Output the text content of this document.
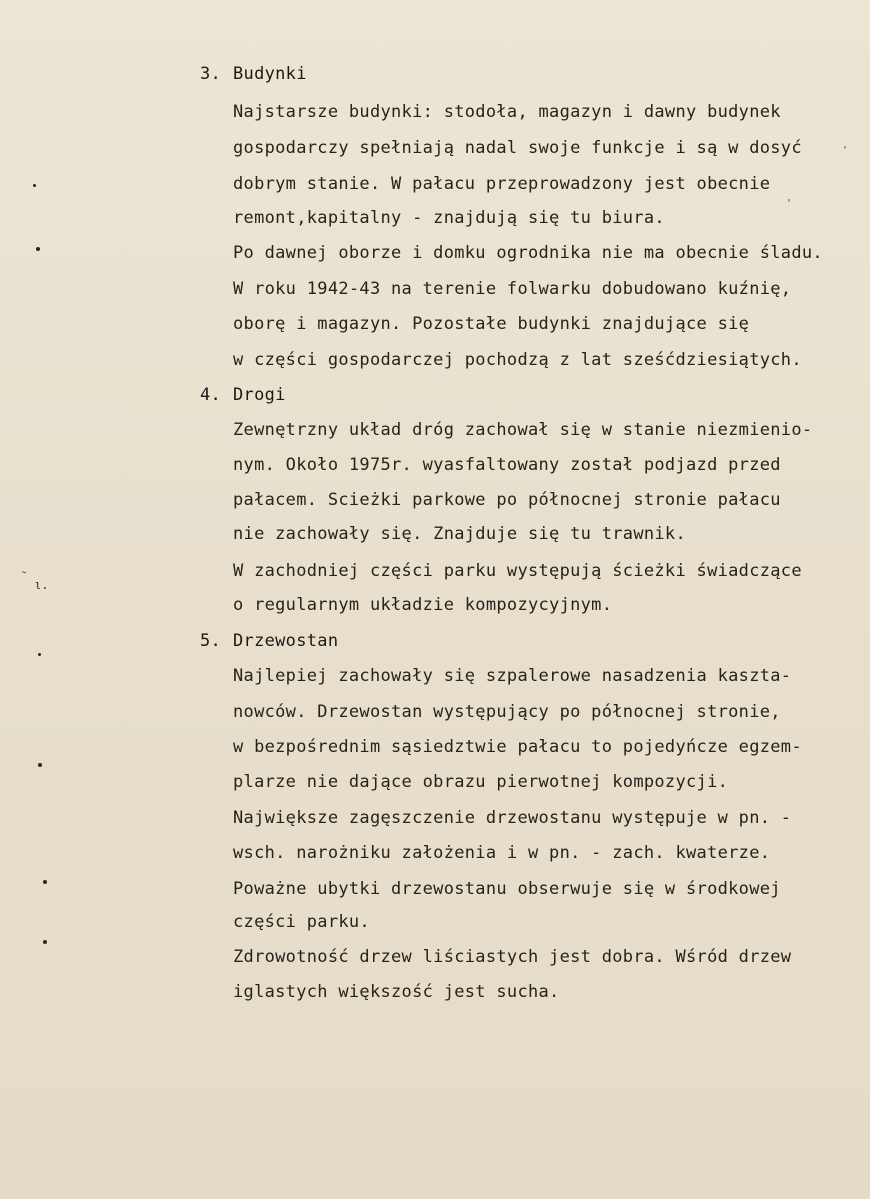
˷
ι.
'
'
3. Budynki
Najstarsze budynki: stodoła, magazyn i dawny budynek
gospodarczy spełniają nadal swoje funkcje i są w dosyć
dobrym stanie. W pałacu przeprowadzony jest obecnie
remont,kapitalny - znajdują się tu biura.
Po dawnej oborze i domku ogrodnika nie ma obecnie śladu.
W roku 1942-43 na terenie folwarku dobudowano kuźnię,
oborę i magazyn. Pozostałe budynki znajdujące się
w części gospodarczej pochodzą z lat sześćdziesiątych.
4. Drogi
Zewnętrzny układ dróg zachował się w stanie niezmienio-
nym. Około 1975r. wyasfaltowany został podjazd przed
pałacem. Scieżki parkowe po północnej stronie pałacu
nie zachowały się. Znajduje się tu trawnik.
W zachodniej części parku występują ścieżki świadczące
o regularnym układzie kompozycyjnym.
5. Drzewostan
Najlepiej zachowały się szpalerowe nasadzenia kaszta-
nowców. Drzewostan występujący po północnej stronie,
w bezpośrednim sąsiedztwie pałacu to pojedyńcze egzem-
plarze nie dające obrazu pierwotnej kompozycji.
Największe zagęszczenie drzewostanu występuje w pn. -
wsch. narożniku założenia i w pn. - zach. kwaterze.
Poważne ubytki drzewostanu obserwuje się w środkowej
części parku.
Zdrowotność drzew liściastych jest dobra. Wśród drzew
iglastych większość jest sucha.
